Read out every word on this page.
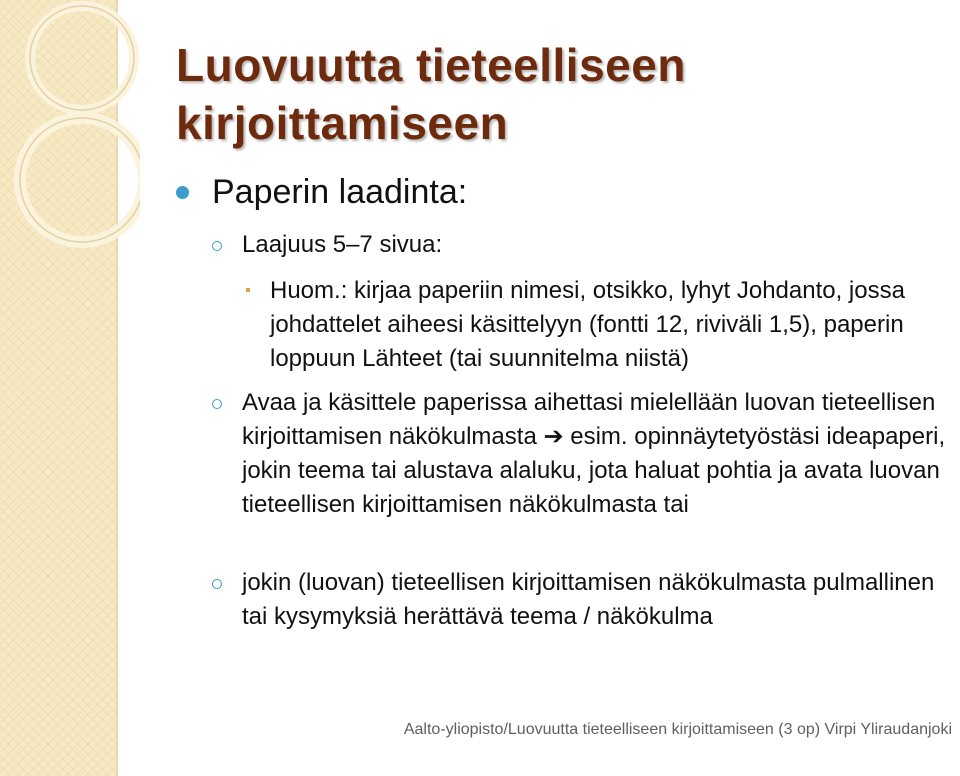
Luovuutta tieteelliseen kirjoittamiseen
Paperin laadinta:
Laajuus 5–7 sivua:
Huom.: kirjaa paperiin nimesi, otsikko, lyhyt Johdanto, jossa johdattelet aiheesi käsittelyyn (fontti 12, riviväli 1,5), paperin loppuun Lähteet (tai suunnitelma niistä)
Avaa ja käsittele paperissa aihettasi mielellään luovan tieteellisen kirjoittamisen näkökulmasta ➔ esim. opinnäytetyöstäsi ideapaperi, jokin teema tai alustava alaluku, jota haluat pohtia ja avata luovan tieteellisen kirjoittamisen näkökulmasta tai
jokin (luovan) tieteellisen kirjoittamisen näkökulmasta pulmallinen tai kysymyksiä herättävä teema / näkökulma
Aalto-yliopisto/Luovuutta tieteelliseen kirjoittamiseen (3 op) Virpi Yliraudanjoki
